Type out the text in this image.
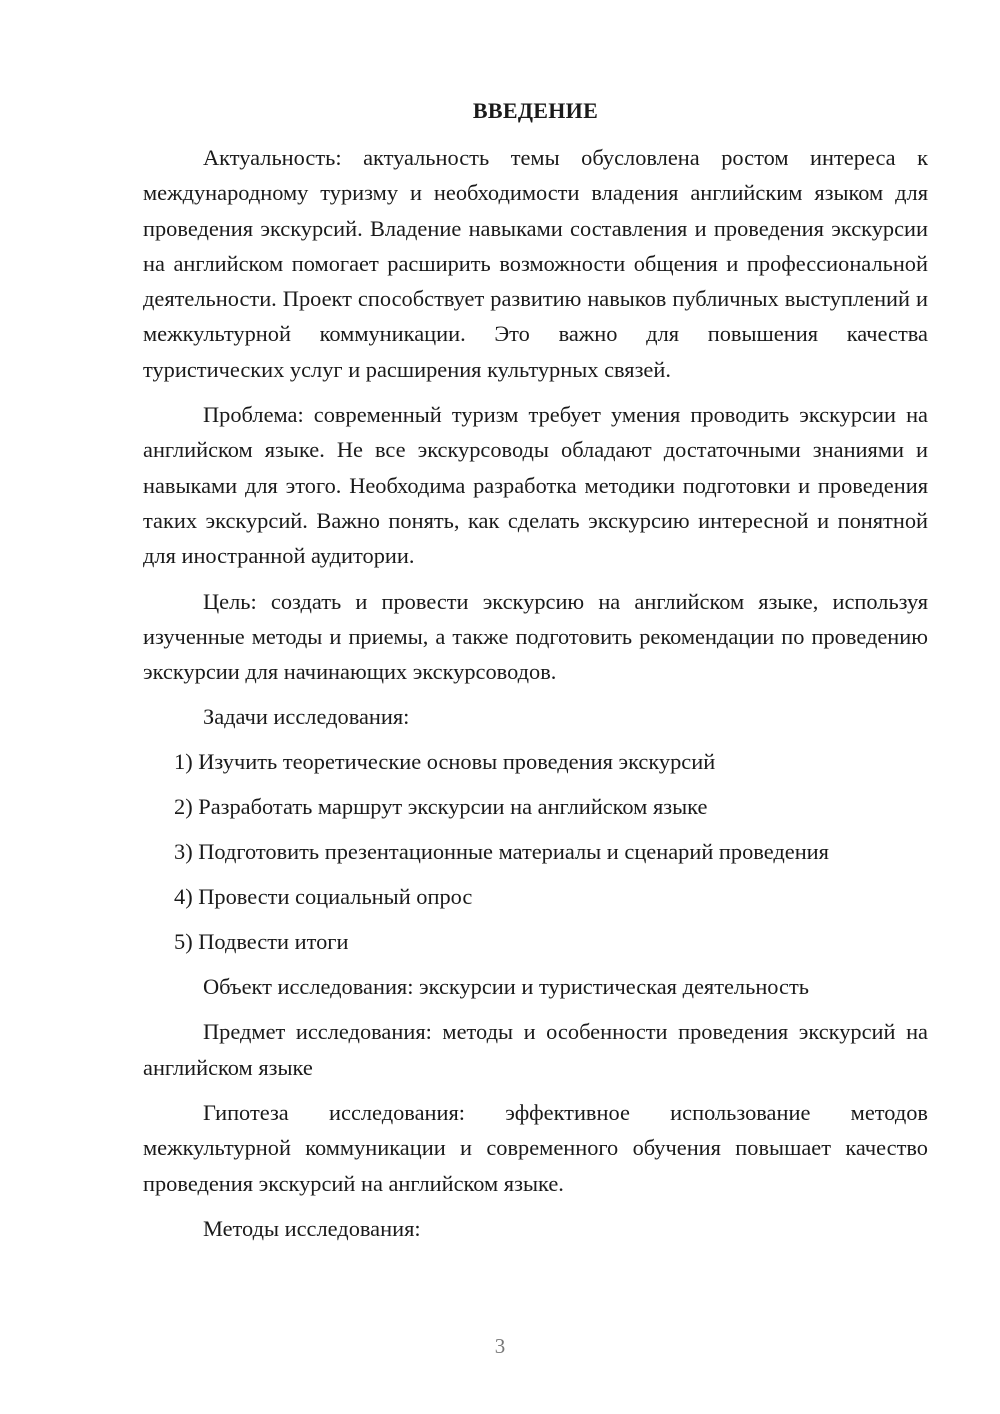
ВВЕДЕНИЕ

Актуальность: актуальность темы обусловлена ростом интереса к международному туризму и необходимости владения английским языком для проведения экскурсий. Владение навыками составления и проведения экскурсии на английском помогает расширить возможности общения и профессиональной деятельности. Проект способствует развитию навыков публичных выступлений и межкультурной коммуникации. Это важно для повышения качества туристических услуг и расширения культурных связей.

Проблема: современный туризм требует умения проводить экскурсии на английском языке. Не все экскурсоводы обладают достаточными знаниями и навыками для этого. Необходима разработка методики подготовки и проведения таких экскурсий. Важно понять, как сделать экскурсию интересной и понятной для иностранной аудитории.

Цель: создать и провести экскурсию на английском языке, используя изученные методы и приемы, а также подготовить рекомендации по проведению экскурсии для начинающих экскурсоводов.

Задачи исследования:

1) Изучить теоретические основы проведения экскурсий
2) Разработать маршрут экскурсии на английском языке
3) Подготовить презентационные материалы и сценарий проведения
4) Провести социальный опрос
5) Подвести итоги

Объект исследования: экскурсии и туристическая деятельность

Предмет исследования: методы и особенности проведения экскурсий на английском языке

Гипотеза исследования: эффективное использование методов межкультурной коммуникации и современного обучения повышает качество проведения экскурсий на английском языке.

Методы исследования:

3
